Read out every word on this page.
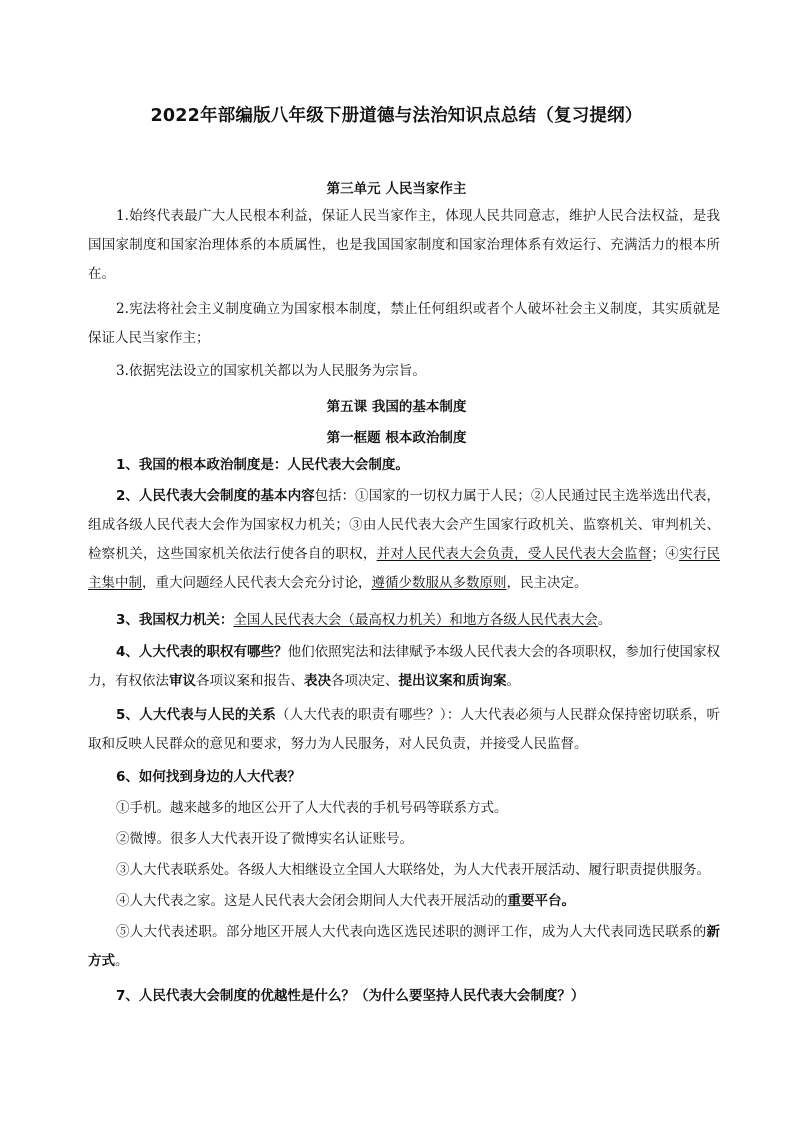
2022年部编版八年级下册道德与法治知识点总结（复习提纲）
第三单元 人民当家作主
1.始终代表最广大人民根本利益，保证人民当家作主，体现人民共同意志，维护人民合法权益，是我国国家制度和国家治理体系的本质属性，也是我国国家制度和国家治理体系有效运行、充满活力的根本所在。
2.宪法将社会主义制度确立为国家根本制度，禁止任何组织或者个人破坏社会主义制度，其实质就是保证人民当家作主；
3.依据宪法设立的国家机关都以为人民服务为宗旨。
第五课 我国的基本制度
第一框题 根本政治制度
1、我国的根本政治制度是：人民代表大会制度。
2、人民代表大会制度的基本内容包括：①国家的一切权力属于人民；②人民通过民主选举选出代表，组成各级人民代表大会作为国家权力机关；③由人民代表大会产生国家行政机关、监察机关、审判机关、检察机关，这些国家机关依法行使各自的职权，并对人民代表大会负责，受人民代表大会监督；④实行民主集中制，重大问题经人民代表大会充分讨论，遵循少数服从多数原则，民主决定。
3、我国权力机关：全国人民代表大会（最高权力机关）和地方各级人民代表大会。
4、人大代表的职权有哪些？他们依照宪法和法律赋予本级人民代表大会的各项职权，参加行使国家权力，有权依法审议各项议案和报告、表决各项决定、提出议案和质询案。
5、人大代表与人民的关系（人大代表的职责有哪些？）：人大代表必须与人民群众保持密切联系，听取和反映人民群众的意见和要求，努力为人民服务，对人民负责，并接受人民监督。
6、如何找到身边的人大代表？
①手机。越来越多的地区公开了人大代表的手机号码等联系方式。
②微博。很多人大代表开设了微博实名认证账号。
③人大代表联系处。各级人大相继设立全国人大联络处，为人大代表开展活动、履行职责提供服务。
④人大代表之家。这是人民代表大会闭会期间人大代表开展活动的重要平台。
⑤人大代表述职。部分地区开展人大代表向选区选民述职的测评工作，成为人大代表同选民联系的新方式。
7、人民代表大会制度的优越性是什么？（为什么要坚持人民代表大会制度？）
